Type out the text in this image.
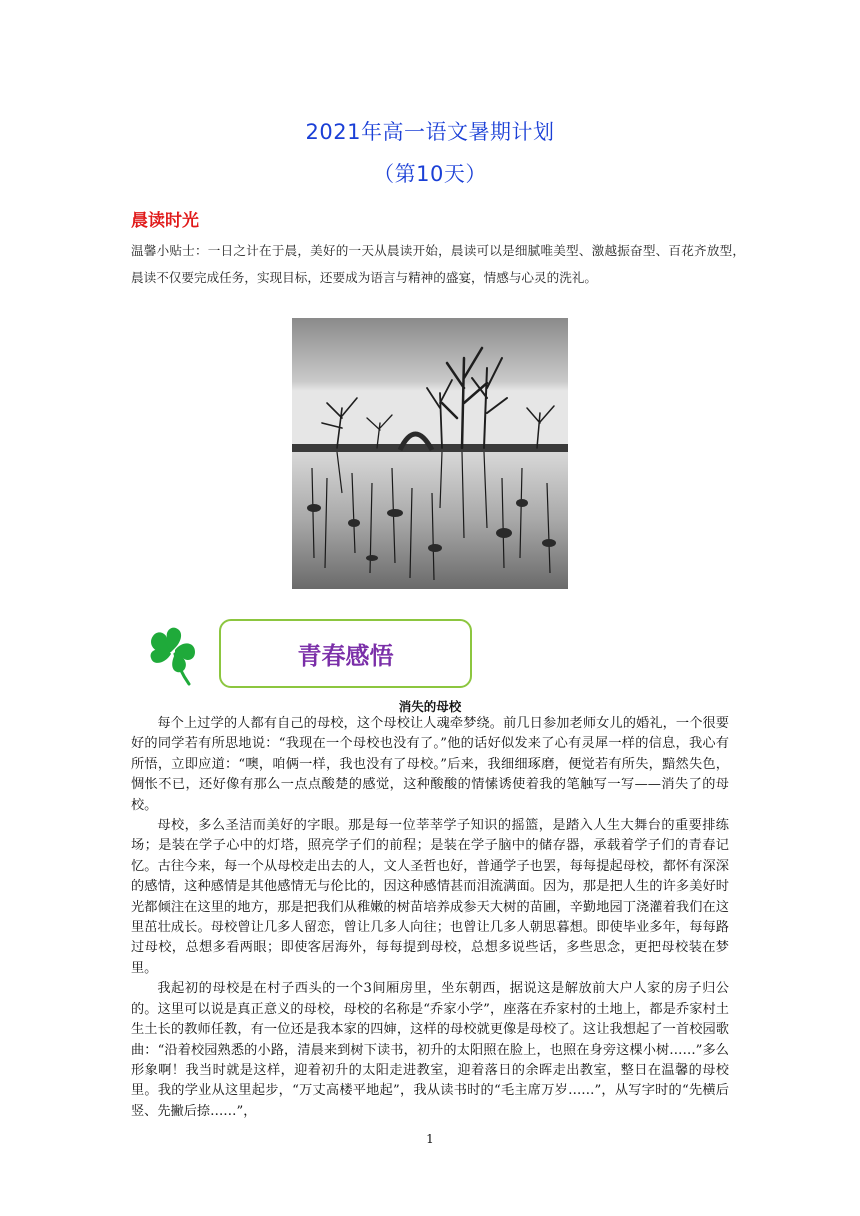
2021年高一语文暑期计划
（第10天）
晨读时光
温馨小贴士：一日之计在于晨，美好的一天从晨读开始，晨读可以是细腻唯美型、激越振奋型、百花齐放型，晨读不仅要完成任务，实现目标，还要成为语言与精神的盛宴，情感与心灵的洗礼。
青春感悟
消失的母校

每个上过学的人都有自己的母校，这个母校让人魂牵梦绕。前几日参加老师女儿的婚礼，一个很要好的同学若有所思地说：“我现在一个母校也没有了。”他的话好似发来了心有灵犀一样的信息，我心有所悟，立即应道：“噢，咱俩一样，我也没有了母校。”后来，我细细琢磨，便觉若有所失，黯然失色，惆怅不已，还好像有那么一点点酸楚的感觉，这种酸酸的情愫诱使着我的笔触写一写——消失了的母校。

母校，多么圣洁而美好的字眼。那是每一位莘莘学子知识的摇篮，是踏入人生大舞台的重要排练场；是装在学子心中的灯塔，照亮学子们的前程；是装在学子脑中的储存器，承载着学子们的青春记忆。古往今来，每一个从母校走出去的人，文人圣哲也好，普通学子也罢，每每提起母校，都怀有深深的感情，这种感情是其他感情无与伦比的，因这种感情甚而泪流满面。因为，那是把人生的许多美好时光都倾注在这里的地方，那是把我们从稚嫩的树苗培养成参天大树的苗圃，辛勤地园丁浇灌着我们在这里茁壮成长。母校曾让几多人留恋，曾让几多人向往；也曾让几多人朝思暮想。即使毕业多年，每每路过母校，总想多看两眼；即使客居海外，每每提到母校，总想多说些话，多些思念，更把母校装在梦里。

我起初的母校是在村子西头的一个3间厢房里，坐东朝西，据说这是解放前大户人家的房子归公的。这里可以说是真正意义的母校，母校的名称是“乔家小学”，座落在乔家村的土地上，都是乔家村土生土长的教师任教，有一位还是我本家的四婶，这样的母校就更像是母校了。这让我想起了一首校园歌曲：“沿着校园熟悉的小路，清晨来到树下读书，初升的太阳照在脸上，也照在身旁这棵小树……”多么形象啊！我当时就是这样，迎着初升的太阳走进教室，迎着落日的余晖走出教室，整日在温馨的母校里。我的学业从这里起步，“万丈高楼平地起”，我从读书时的“毛主席万岁……”，从写字时的“先横后竖、先撇后捺……”，

1
